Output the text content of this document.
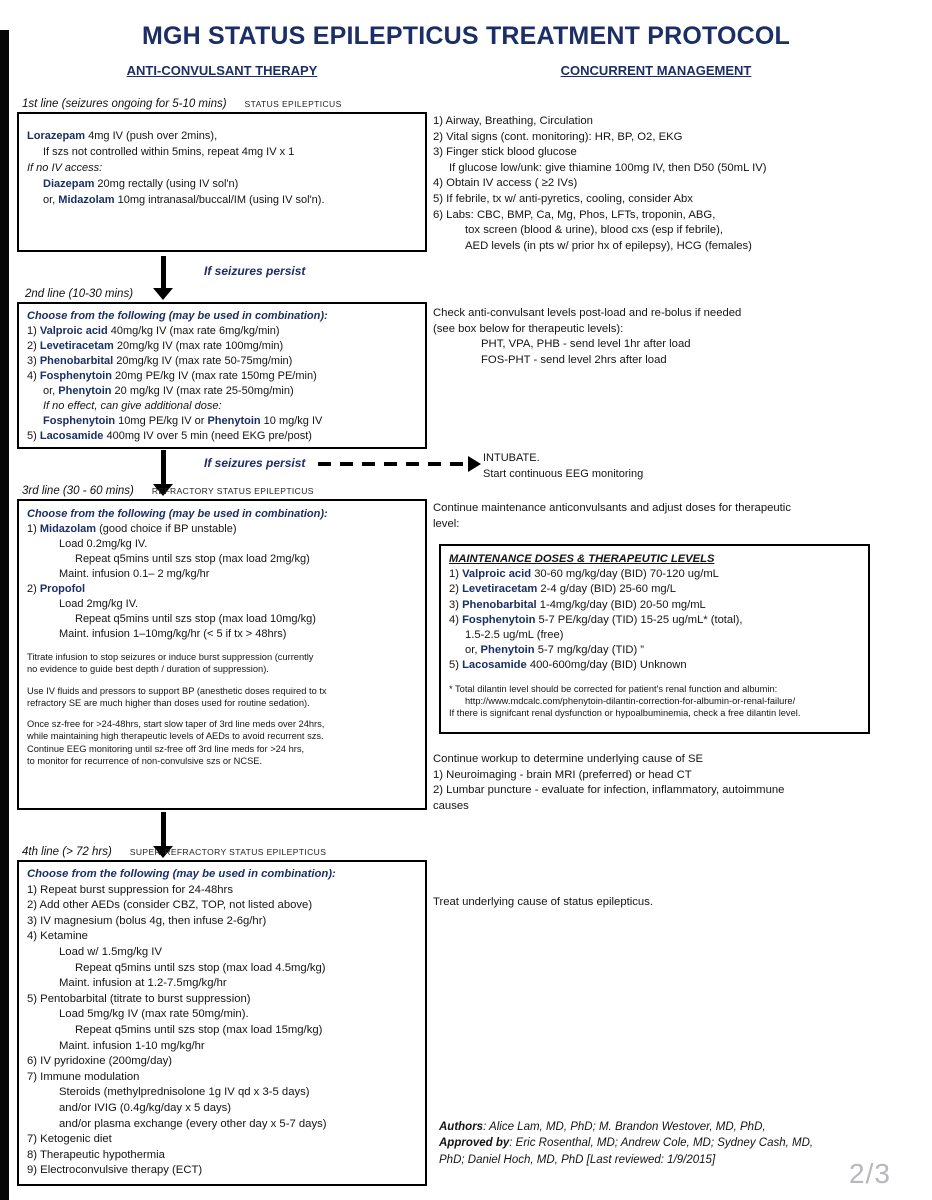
MGH STATUS EPILEPTICUS TREATMENT PROTOCOL
ANTI-CONVULSANT THERAPY	CONCURRENT MANAGEMENT
1st line (seizures ongoing for 5-10 mins) STATUS EPILEPTICUS
Lorazepam 4mg IV (push over 2mins),
If szs not controlled within 5mins, repeat 4mg IV x 1
If no IV access:
Diazepam 20mg rectally (using IV sol'n)
or, Midazolam 10mg intranasal/buccal/IM (using IV sol'n).
If seizures persist
2nd line (10-30 mins)
Choose from the following (may be used in combination):
1) Valproic acid 40mg/kg IV (max rate 6mg/kg/min)
2) Levetiracetam 20mg/kg IV (max rate 100mg/min)
3) Phenobarbital 20mg/kg IV (max rate 50-75mg/min)
4) Fosphenytoin 20mg PE/kg IV (max rate 150mg PE/min)
or, Phenytoin 20 mg/kg IV (max rate 25-50mg/min)
If no effect, can give additional dose:
Fosphenytoin 10mg PE/kg IV or Phenytoin 10 mg/kg IV
5) Lacosamide 400mg IV over 5 min (need EKG pre/post)
If seizures persist	INTUBATE.
Start continuous EEG monitoring
3rd line (30 - 60 mins) REFRACTORY STATUS EPILEPTICUS
Choose from the following (may be used in combination):
1) Midazolam (good choice if BP unstable)
Load 0.2mg/kg IV.
Repeat q5mins until szs stop (max load 2mg/kg)
Maint. infusion 0.1– 2 mg/kg/hr
2) Propofol
Load 2mg/kg IV.
Repeat q5mins until szs stop (max load 10mg/kg)
Maint. infusion 1–10mg/kg/hr (< 5 if tx > 48hrs)
Titrate infusion to stop seizures or induce burst suppression (currently
no evidence to guide best depth / duration of suppression).
Use IV fluids and pressors to support BP (anesthetic doses required to tx
refractory SE are much higher than doses used for routine sedation).
Once sz-free for >24-48hrs, start slow taper of 3rd line meds over 24hrs,
while maintaining high therapeutic levels of AEDs to avoid recurrent szs.
Continue EEG monitoring until sz-free off 3rd line meds for >24 hrs,
to monitor for recurrence of non-convulsive szs or NCSE.
4th line (> 72 hrs) SUPER-REFRACTORY STATUS EPILEPTICUS
Choose from the following (may be used in combination):
1) Repeat burst suppression for 24-48hrs
2) Add other AEDs (consider CBZ, TOP, not listed above)
3) IV magnesium (bolus 4g, then infuse 2-6g/hr)
4) Ketamine
Load w/ 1.5mg/kg IV
Repeat q5mins until szs stop (max load 4.5mg/kg)
Maint. infusion at 1.2-7.5mg/kg/hr
5) Pentobarbital (titrate to burst suppression)
Load 5mg/kg IV (max rate 50mg/min).
Repeat q5mins until szs stop (max load 15mg/kg)
Maint. infusion 1-10 mg/kg/hr
6) IV pyridoxine (200mg/day)
7) Immune modulation
Steroids (methylprednisolone 1g IV qd x 3-5 days)
and/or IVIG (0.4g/kg/day x 5 days)
and/or plasma exchange (every other day x 5-7 days)
7) Ketogenic diet
8) Therapeutic hypothermia
9) Electroconvulsive therapy (ECT)
1) Airway, Breathing, Circulation
2) Vital signs (cont. monitoring): HR, BP, O2, EKG
3) Finger stick blood glucose
If glucose low/unk: give thiamine 100mg IV, then D50 (50mL IV)
4) Obtain IV access ( ≥2 IVs)
5) If febrile, tx w/ anti-pyretics, cooling, consider Abx
6) Labs: CBC, BMP, Ca, Mg, Phos, LFTs, troponin, ABG,
tox screen (blood & urine), blood cxs (esp if febrile),
AED levels (in pts w/ prior hx of epilepsy), HCG (females)
Check anti-convulsant levels post-load and re-bolus if needed
(see box below for therapeutic levels):
PHT, VPA, PHB - send level 1hr after load
FOS-PHT - send level 2hrs after load
Continue maintenance anticonvulsants and adjust doses for therapeutic
level:
MAINTENANCE DOSES & THERAPEUTIC LEVELS
1) Valproic acid 30-60 mg/kg/day (BID) 70-120 ug/mL
2) Levetiracetam 2-4 g/day (BID) 25-60 mg/L
3) Phenobarbital 1-4mg/kg/day (BID) 20-50 mg/mL
4) Fosphenytoin 5-7 PE/kg/day (TID) 15-25 ug/mL* (total),
1.5-2.5 ug/mL (free)
or, Phenytoin 5-7 mg/kg/day (TID) ”
5) Lacosamide 400-600mg/day (BID) Unknown
* Total dilantin level should be corrected for patient's renal function and albumin:
http://www.mdcalc.com/phenytoin-dilantin-correction-for-albumin-or-renal-failure/
If there is signifcant renal dysfunction or hypoalbuminemia, check a free dilantin level.
Continue workup to determine underlying cause of SE
1) Neuroimaging - brain MRI (preferred) or head CT
2) Lumbar puncture - evaluate for infection, inflammatory, autoimmune
causes
Treat underlying cause of status epilepticus.
Authors: Alice Lam, MD, PhD; M. Brandon Westover, MD, PhD,
Approved by: Eric Rosenthal, MD; Andrew Cole, MD; Sydney Cash, MD,
PhD; Daniel Hoch, MD, PhD [Last reviewed: 1/9/2015]	2/3
